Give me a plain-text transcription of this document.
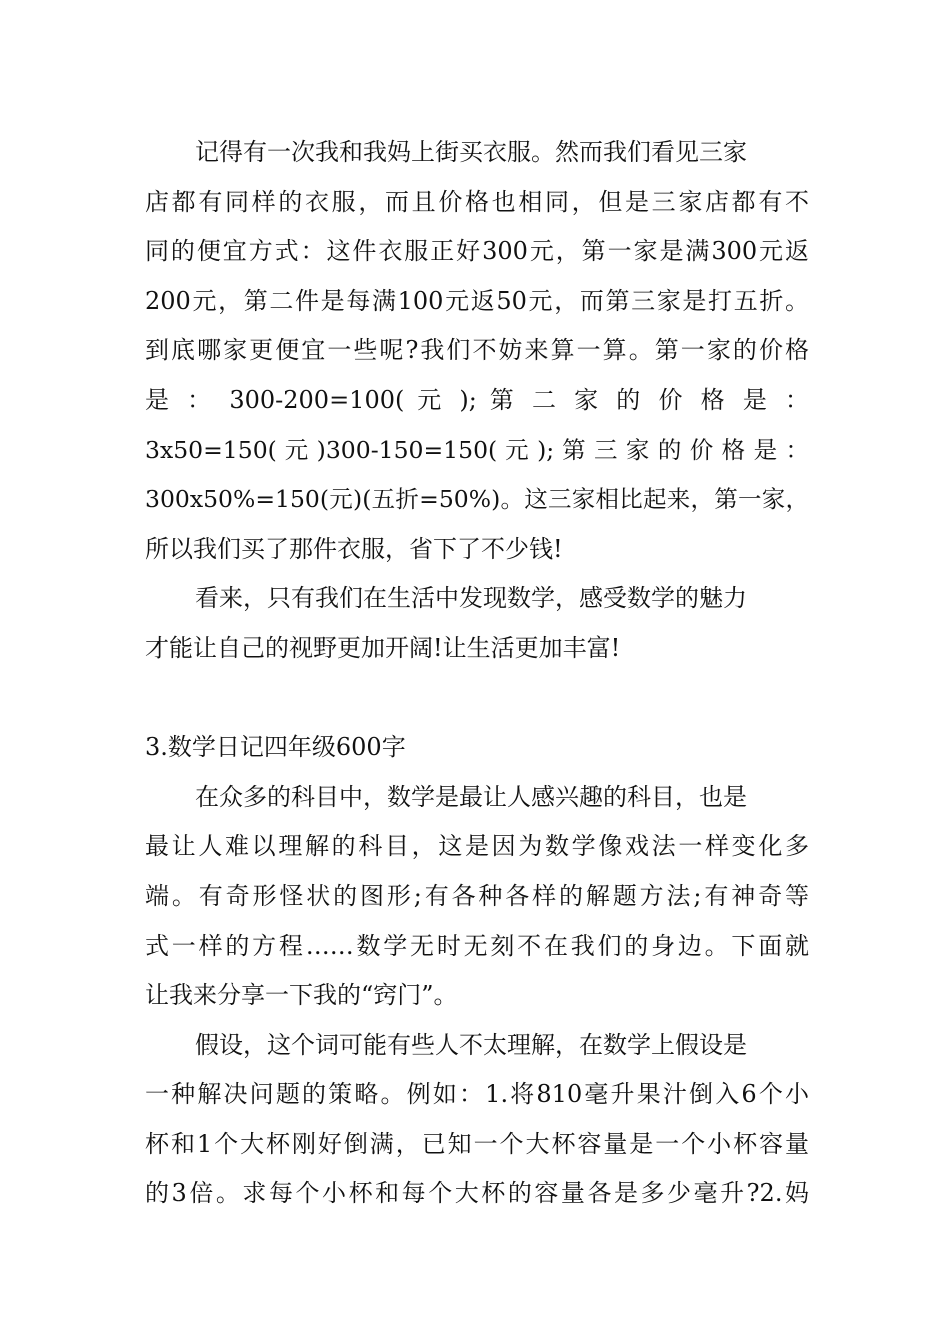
记得有一次我和我妈上街买衣服。然而我们看见三家
店都有同样的衣服，而且价格也相同，但是三家店都有不
同的便宜方式：这件衣服正好300元，第一家是满300元返
200元，第二件是每满100元返50元，而第三家是打五折。
到底哪家更便宜一些呢?我们不妨来算一算。第一家的价格
是 ： 300-200=100( 元 ); 第 二 家 的 价 格 是 ：
3x50=150( 元 )300-150=150( 元 ); 第 三 家 的 价 格 是 ：
300x50%=150(元)(五折=50%)。这三家相比起来，第一家，
所以我们买了那件衣服，省下了不少钱!
看来，只有我们在生活中发现数学，感受数学的魅力
才能让自己的视野更加开阔!让生活更加丰富!
3.数学日记四年级600字
在众多的科目中，数学是最让人感兴趣的科目，也是
最让人难以理解的科目，这是因为数学像戏法一样变化多
端。有奇形怪状的图形;有各种各样的解题方法;有神奇等
式一样的方程……数学无时无刻不在我们的身边。下面就
让我来分享一下我的“窍门”。
假设，这个词可能有些人不太理解，在数学上假设是
一种解决问题的策略。例如：1.将810毫升果汁倒入6个小
杯和1个大杯刚好倒满，已知一个大杯容量是一个小杯容量
的3倍。求每个小杯和每个大杯的容量各是多少毫升?2.妈
